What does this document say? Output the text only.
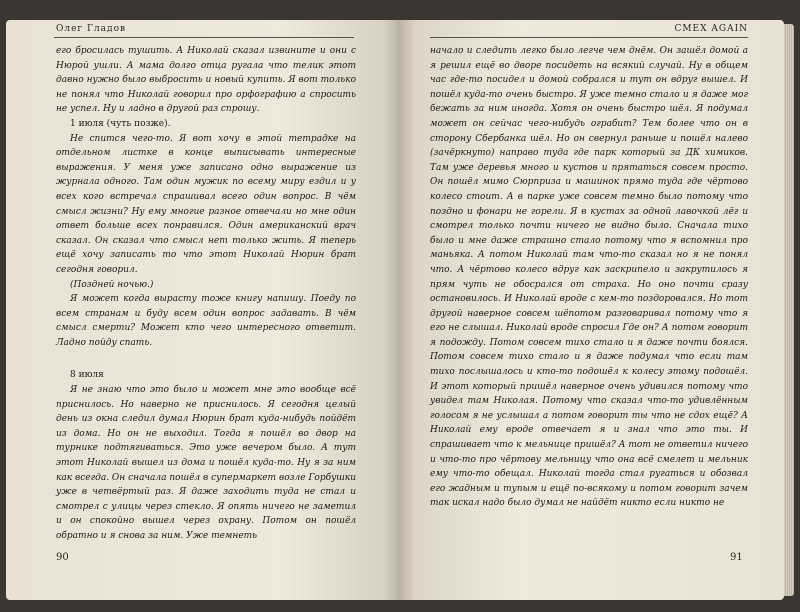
Олег Гладов	СМЕХ AGAIN

его бросилась тушить. А Николай сказал извините и они с Нюрой ушли. А мама долго отца ругала что телик этот давно нужно было выбросить и новый купить. Я вот только не понял что Николай говорил про орфографию а спросить не успел. Ну и ладно в другой раз спрошу.

1 июля (чуть позже).

Не спится чего-то. Я вот хочу в этой тетрадке на отдельном листке в конце выписывать интересные выражения. У меня уже записано одно выражение из журнала одного. Там один мужик по всему миру ездил и у всех кого встречал спрашивал всего один вопрос. В чём смысл жизни? Ну ему многие разное отвечали но мне один ответ больше всех понравился. Один американский врач сказал. Он сказал что смысл нет только жить. Я теперь ещё хочу записать то что этот Николай Нюрин брат сегодня говорил.

(Поздней ночью.)

Я может когда вырасту тоже книгу напишу. Поеду по всем странам и буду всем один вопрос задавать. В чём смысл смерти? Может кто чего интересного ответит. Ладно пойду спать.

8 июля

Я не знаю что это было и может мне это вообще всё приснилось. Но наверно не приснилось. Я сегодня целый день из окна следил думал Нюрин брат куда-нибудь пойдёт из дома. Но он не выходил. Тогда я пошёл во двор на турнике подтягиваться. Это уже вечером было. А тут этот Николай вышел из дома и пошёл куда-то. Ну я за ним как всегда. Он сначала пошёл в супермаркет возле Горбушки уже в четвёртый раз. Я даже заходить туда не стал и смотрел с улицы через стекло. Я опять ничего не заметил и он спокойно вышел через охрану. Потом он пошёл обратно и я снова за ним. Уже темнеть

начало и следить легко было легче чем днём. Он зашёл домой а я решил ещё во дворе посидеть на всякий случай. Ну в общем час где-то посидел и домой собрался и тут он вдруг вышел. И пошёл куда-то очень быстро. Я уже темно стало и я даже мог бежать за ним иногда. Хотя он очень быстро шёл. Я подумал может он сейчас чего-нибудь ограбит? Тем более что он в сторону Сбербанка шёл. Но он свернул раньше и пошёл налево (зачёркнуто) направо туда где парк который за ДК химиков. Там уже деревья много и кустов и прятаться совсем просто. Он пошёл мимо Сюрприза и машинок прямо туда где чёртово колесо стоит. А в парке уже совсем темно было потому что поздно и фонари не горели. Я в кустах за одной лавочкой лёг и смотрел только почти ничего не видно было. Сначала тихо было и мне даже страшно стало потому что я вспомнил про маньяка. А потом Николай там что-то сказал но я не понял что. А чёртово колесо вдруг как заскрипело и закрутилось я прям чуть не обосрался от страха. Но оно почти сразу остановилось. И Николай вроде с кем-то поздоровался. Но тот другой наверное совсем шёпотом разговаривал потому что я его не слышал. Николай вроде спросил Где он? А потом говорит я подожду. Потом совсем тихо стало и я даже почти боялся. Потом совсем тихо стало и я даже подумал что если там тихо послышалось и кто-то подошёл к колесу этому подошёл. И этот который пришёл наверное очень удивился потому что увидел там Николая. Потому что сказал что-то удивлённым голосом я не услышал а потом говорит ты что не сдох ещё? А Николай ему вроде отвечает я и знал что это ты. И спрашивает что к мельнице пришёл? А тот не ответил ничего и что-то про чёртову мельницу что она всё смелет и мельник ему что-то обещал. Николай тогда стал ругаться и обозвал его жадным и тупым и ещё по-всякому и потом говорит зачем так искал надо было думал не найдёт никто если никто не

90	91
